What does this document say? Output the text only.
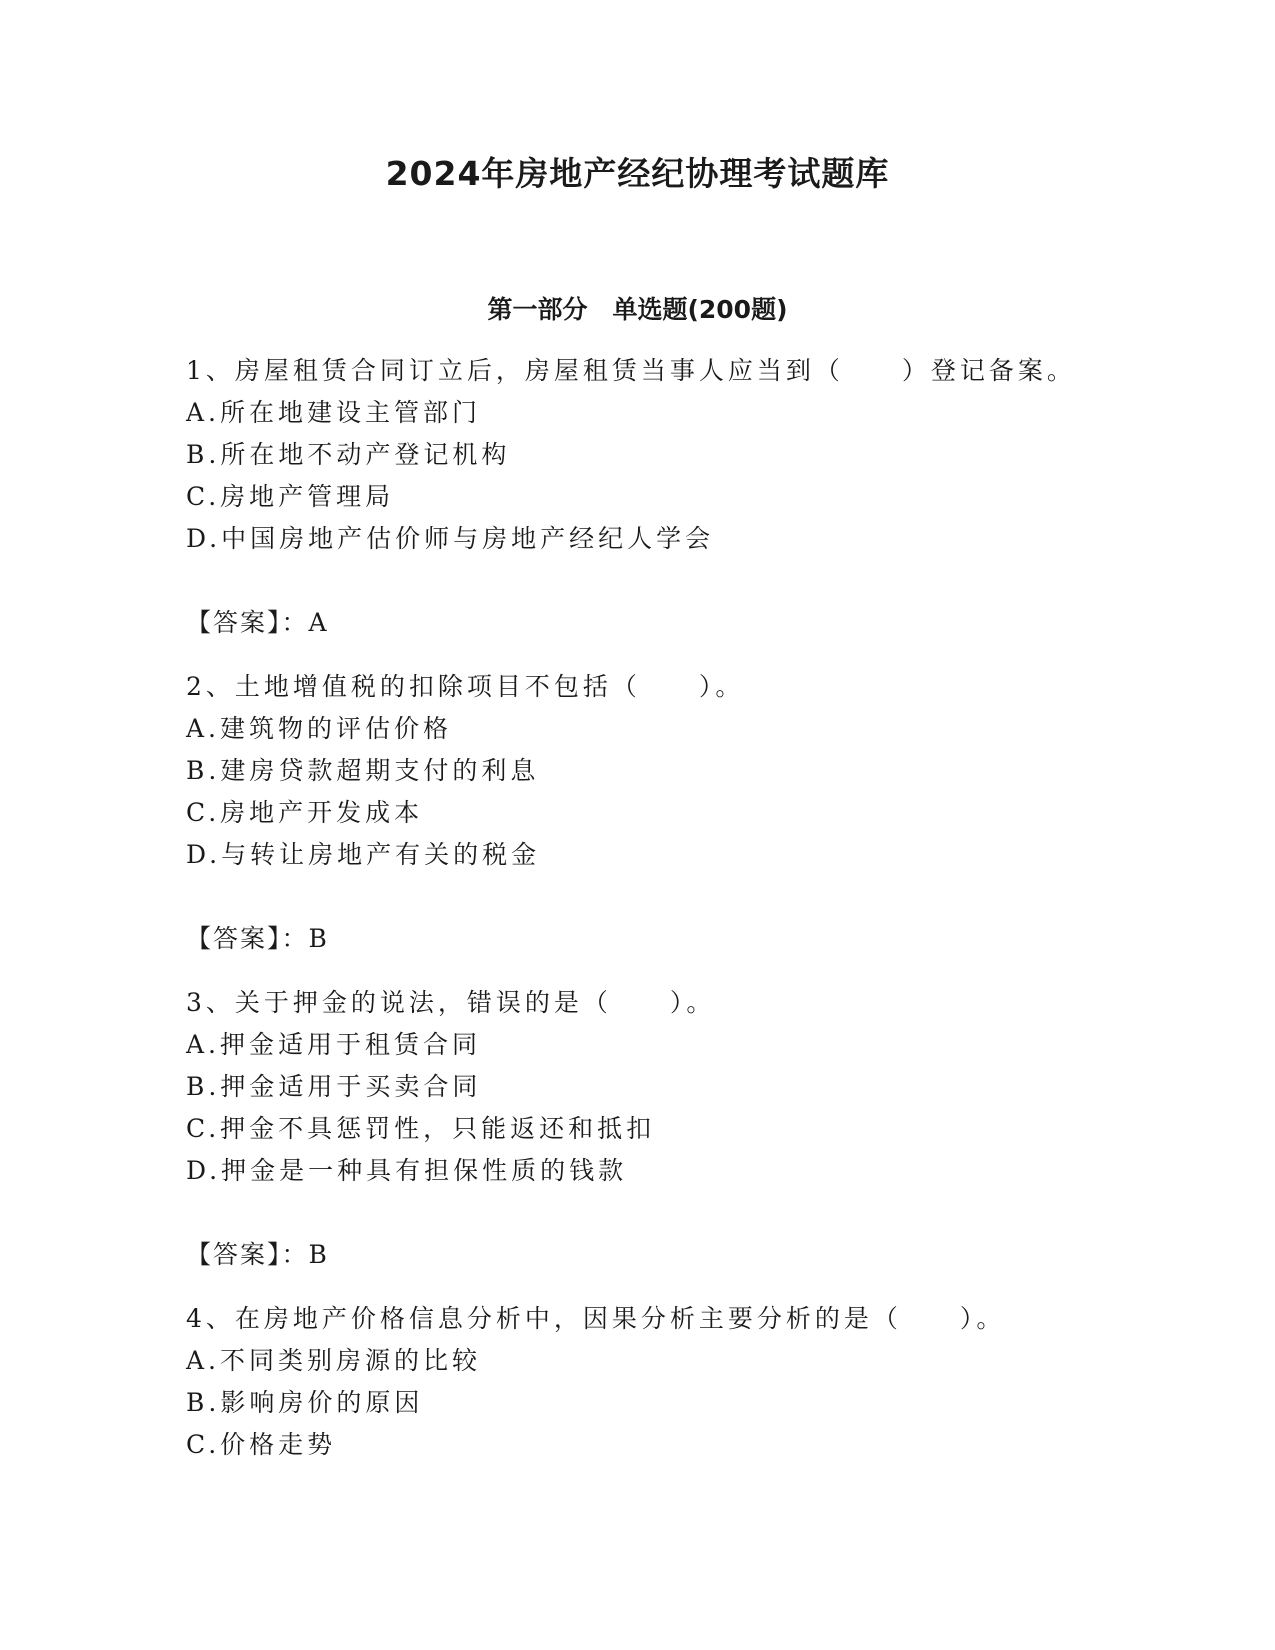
2024年房地产经纪协理考试题库
第一部分　单选题(200题)
1、房屋租赁合同订立后，房屋租赁当事人应当到（　　）登记备案。
A.所在地建设主管部门
B.所在地不动产登记机构
C.房地产管理局
D.中国房地产估价师与房地产经纪人学会
【答案】：A
2、土地增值税的扣除项目不包括（　　）。
A.建筑物的评估价格
B.建房贷款超期支付的利息
C.房地产开发成本
D.与转让房地产有关的税金
【答案】：B
3、关于押金的说法，错误的是（　　）。
A.押金适用于租赁合同
B.押金适用于买卖合同
C.押金不具惩罚性，只能返还和抵扣
D.押金是一种具有担保性质的钱款
【答案】：B
4、在房地产价格信息分析中，因果分析主要分析的是（　　）。
A.不同类别房源的比较
B.影响房价的原因
C.价格走势
